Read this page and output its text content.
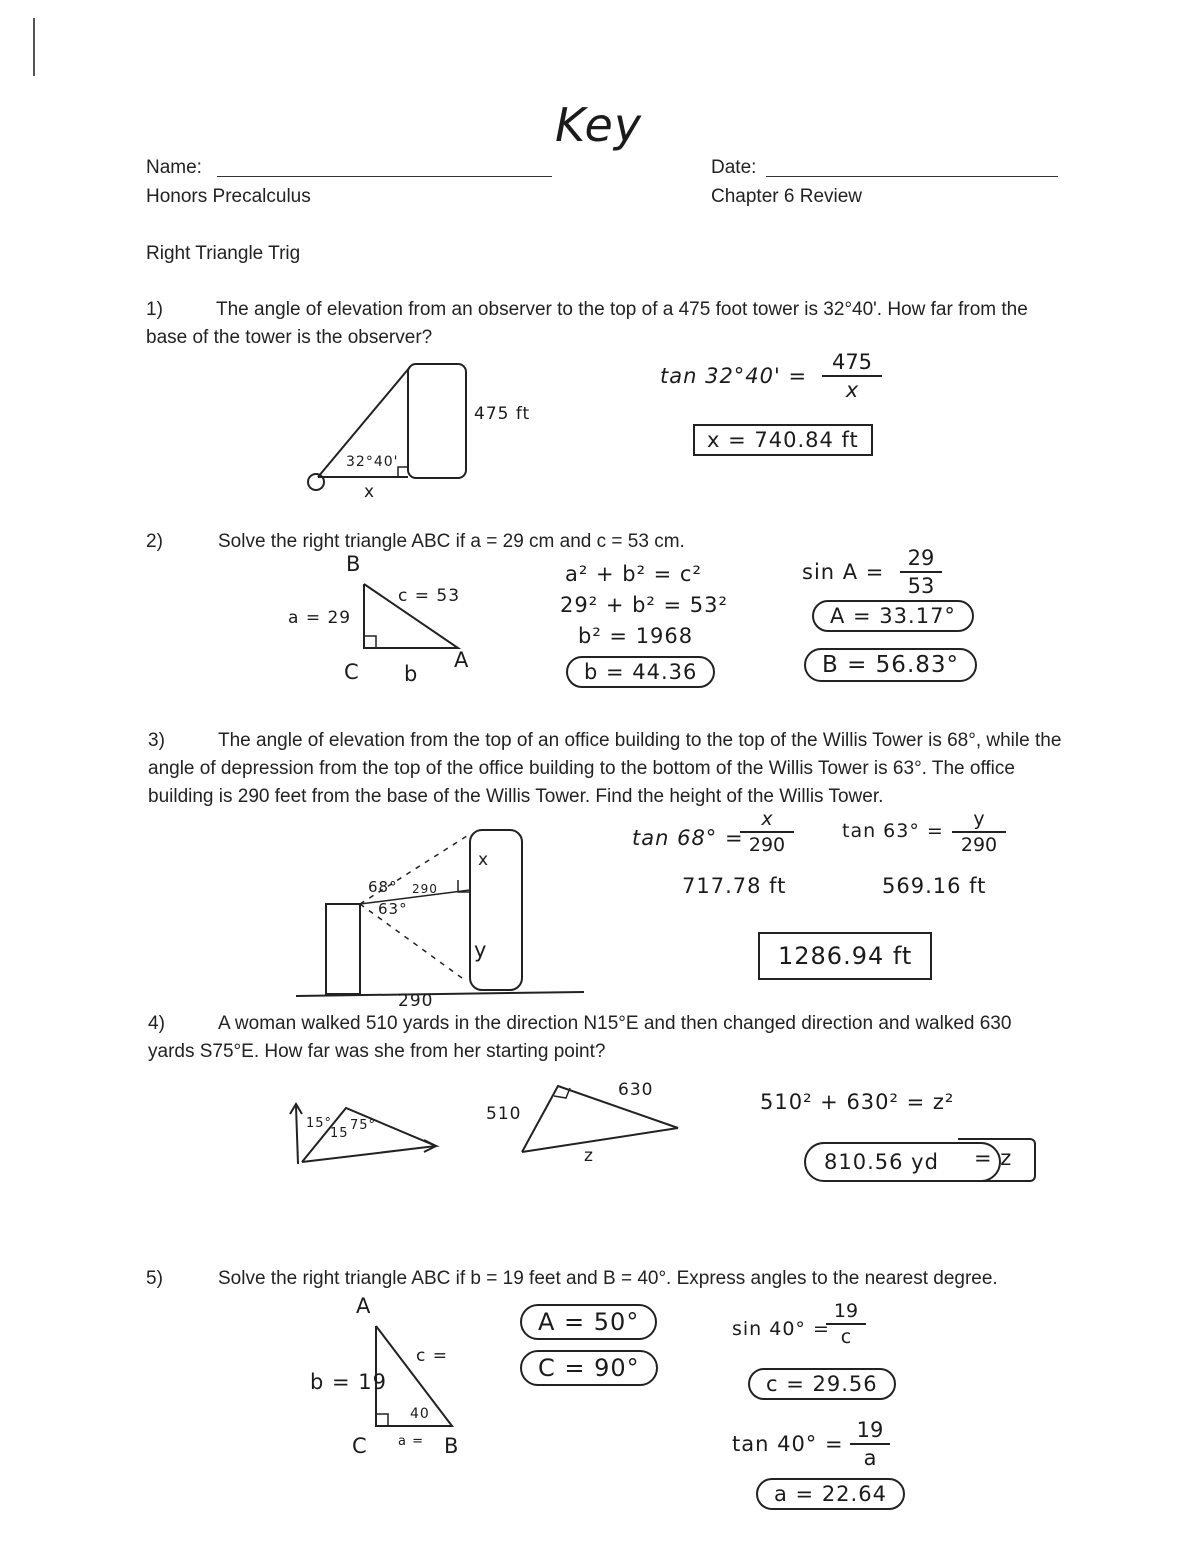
Key
Name:
Honors Precalculus
Date:
Chapter 6 Review
Right Triangle Trig
1)	The angle of elevation from an observer to the top of a 475 foot tower is 32°40'. How far from the base of the tower is the observer?
475 ft
32°40'
x
tan 32°40' =
475
x
x = 740.84 ft
2)	Solve the right triangle ABC if a = 29 cm and c = 53 cm.
B
c = 53
a = 29
A
C b
a² + b² = c²
29² + b² = 53²
b² = 1968
b = 44.36
sin A =
29
53
A = 33.17°
B = 56.83°
3)	The angle of elevation from the top of an office building to the top of the Willis Tower is 68°, while the angle of depression from the top of the office building to the bottom of the Willis Tower is 63°. The office building is 290 feet from the base of the Willis Tower. Find the height of the Willis Tower.
x
68° 290
63°
y
290
tan 68° =
x
290
tan 63° =
y
290
717.78 ft	569.16 ft
1286.94 ft
4)	A woman walked 510 yards in the direction N15°E and then changed direction and walked 630 yards S75°E. How far was she from her starting point?
15°
15
75°
510
630
z
510² + 630² = z²
810.56 yd	= z
5)	Solve the right triangle ABC if b = 19 feet and B = 40°. Express angles to the nearest degree.
A
c =
b = 19
40
C a = B
A = 50°
C = 90°
sin 40° =
19
c
c = 29.56
tan 40° =
19
a
a = 22.64
